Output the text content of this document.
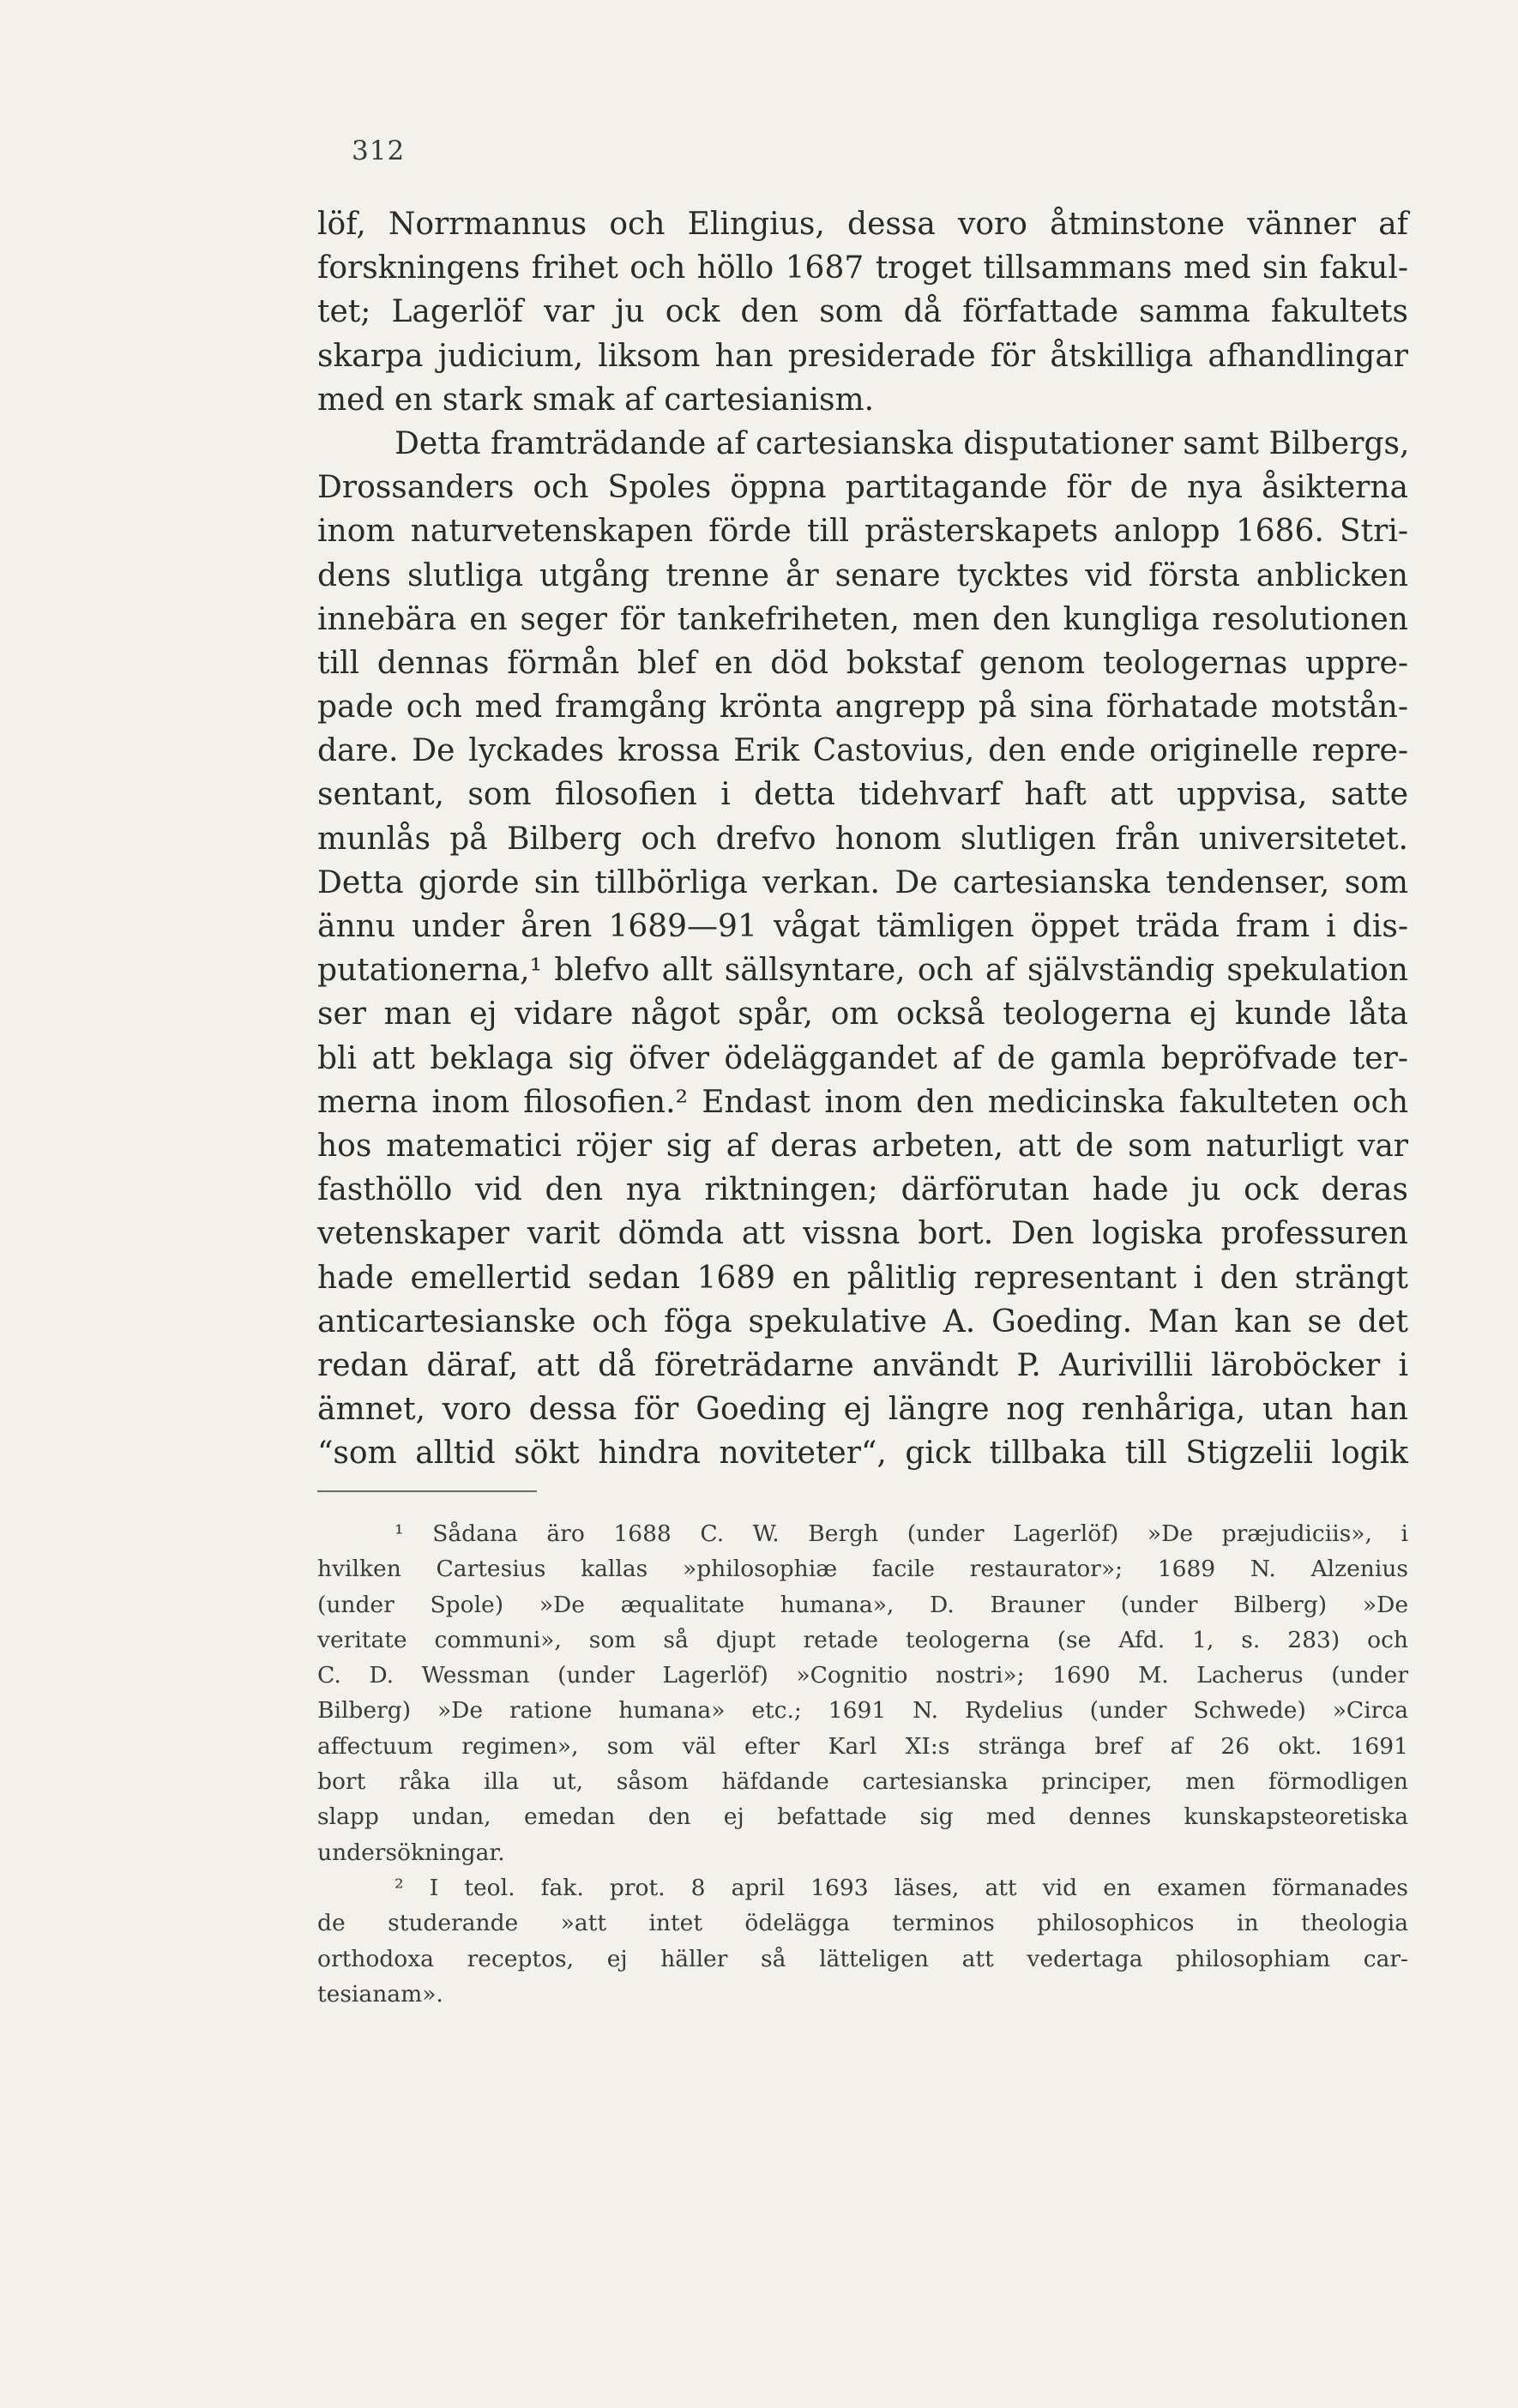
312
löf, Norrmannus och Elingius, dessa voro åtminstone vänner af
forskningens frihet och höllo 1687 troget tillsammans med sin fakul-
tet; Lagerlöf var ju ock den som då författade samma fakultets
skarpa judicium, liksom han presiderade för åtskilliga afhandlingar
med en stark smak af cartesianism.
Detta framträdande af cartesianska disputationer samt Bilbergs,
Drossanders och Spoles öppna partitagande för de nya åsikterna
inom naturvetenskapen förde till prästerskapets anlopp 1686. Stri-
dens slutliga utgång trenne år senare tycktes vid första anblicken
innebära en seger för tankefriheten, men den kungliga resolutionen
till dennas förmån blef en död bokstaf genom teologernas uppre-
pade och med framgång krönta angrepp på sina förhatade motstån-
dare. De lyckades krossa Erik Castovius, den ende originelle repre-
sentant, som filosofien i detta tidehvarf haft att uppvisa, satte
munlås på Bilberg och drefvo honom slutligen från universitetet.
Detta gjorde sin tillbörliga verkan. De cartesianska tendenser, som
ännu under åren 1689—91 vågat tämligen öppet träda fram i dis-
putationerna,¹ blefvo allt sällsyntare, och af självständig spekulation
ser man ej vidare något spår, om också teologerna ej kunde låta
bli att beklaga sig öfver ödeläggandet af de gamla bepröfvade ter-
merna inom filosofien.² Endast inom den medicinska fakulteten och
hos matematici röjer sig af deras arbeten, att de som naturligt var
fasthöllo vid den nya riktningen; därförutan hade ju ock deras
vetenskaper varit dömda att vissna bort. Den logiska professuren
hade emellertid sedan 1689 en pålitlig representant i den strängt
anticartesianske och föga spekulative A. Goeding. Man kan se det
redan däraf, att då företrädarne användt P. Aurivillii läroböcker i
ämnet, voro dessa för Goeding ej längre nog renhåriga, utan han
“som alltid sökt hindra noviteter“, gick tillbaka till Stigzelii logik
¹ Sådana äro 1688 C. W. Bergh (under Lagerlöf) »De præjudiciis», i
hvilken Cartesius kallas »philosophiæ facile restaurator»; 1689 N. Alzenius
(under Spole) »De æqualitate humana», D. Brauner (under Bilberg) »De
veritate communi», som så djupt retade teologerna (se Afd. 1, s. 283) och
C. D. Wessman (under Lagerlöf) »Cognitio nostri»; 1690 M. Lacherus (under
Bilberg) »De ratione humana» etc.; 1691 N. Rydelius (under Schwede) »Circa
affectuum regimen», som väl efter Karl XI:s stränga bref af 26 okt. 1691
bort råka illa ut, såsom häfdande cartesianska principer, men förmodligen
slapp undan, emedan den ej befattade sig med dennes kunskapsteoretiska
undersökningar.
² I teol. fak. prot. 8 april 1693 läses, att vid en examen förmanades
de studerande »att intet ödelägga terminos philosophicos in theologia
orthodoxa receptos, ej häller så lätteligen att vedertaga philosophiam car-
tesianam».
